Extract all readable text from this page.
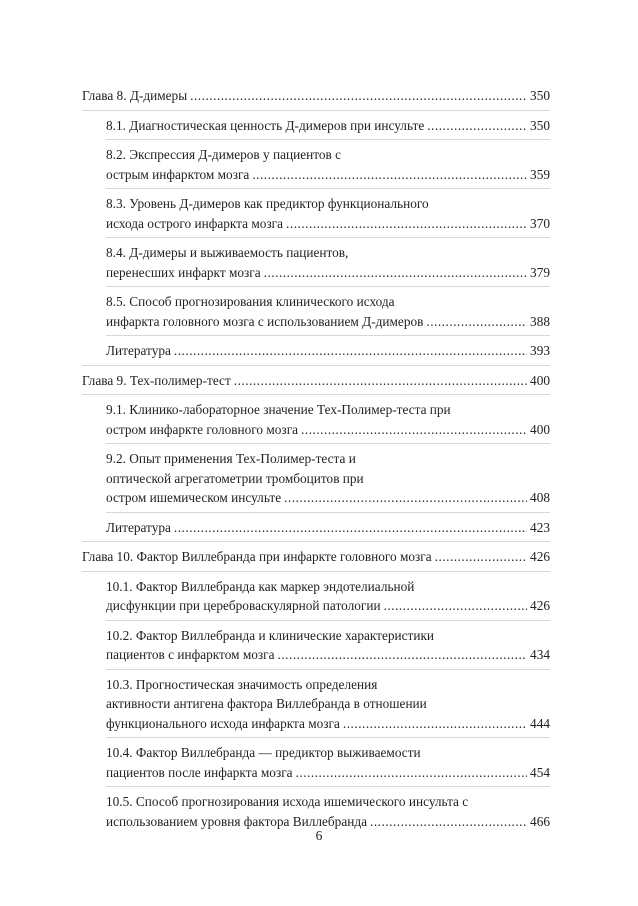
Глава 8. Д-димеры .....	350
8.1. Диагностическая ценность Д-димеров при инсульте .....	350
8.2. Экспрессия Д-димеров у пациентов с
острым инфарктом мозга .....	359
8.3. Уровень Д-димеров как предиктор функционального
исхода острого инфаркта мозга .....	370
8.4. Д-димеры и выживаемость пациентов,
перенесших инфаркт мозга .....	379
8.5. Способ прогнозирования клинического исхода
инфаркта головного мозга с использованием Д-димеров .....	388
Литература .....	393
Глава 9. Тех-полимер-тест .....	400
9.1. Клинико-лабораторное значение Тех-Полимер-теста при
остром инфаркте головного мозга .....	400
9.2. Опыт применения Тех-Полимер-теста и
оптической агрегатометрии тромбоцитов при
остром ишемическом инсульте .....	408
Литература .....	423
Глава 10. Фактор Виллебранда при инфаркте головного мозга .....	426
10.1. Фактор Виллебранда как маркер эндотелиальной
дисфункции при цереброваскулярной патологии .....	426
10.2. Фактор Виллебранда и клинические характеристики
пациентов с инфарктом мозга .....	434
10.3. Прогностическая значимость определения
активности антигена фактора Виллебранда в отношении
функционального исхода инфаркта мозга .....	444
10.4. Фактор Виллебранда — предиктор выживаемости
пациентов после инфаркта мозга .....	454
10.5. Способ прогнозирования исхода ишемического инсульта с
использованием уровня фактора Виллебранда .....	466
6
